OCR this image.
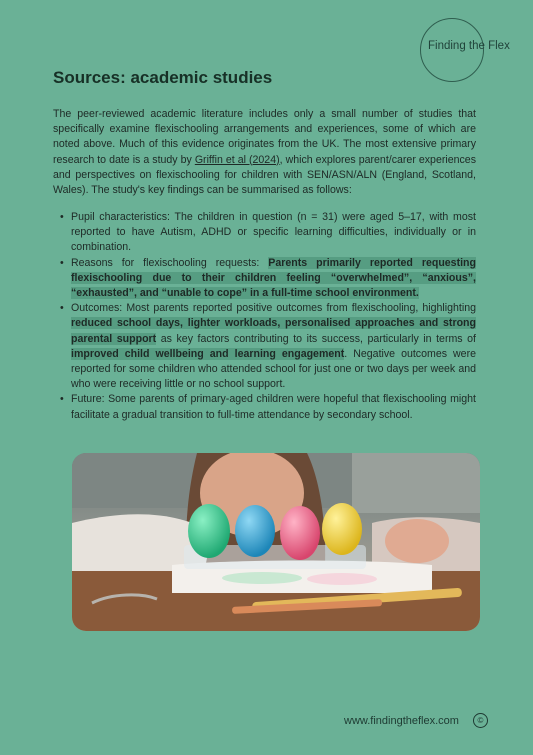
Finding the Flex
Sources: academic studies

The peer-reviewed academic literature includes only a small number of studies that specifically examine flexischooling arrangements and experiences, some of which are noted above. Much of this evidence originates from the UK. The most extensive primary research to date is a study by Griffin et al (2024), which explores parent/carer experiences and perspectives on flexischooling for children with SEN/ASN/ALN (England, Scotland, Wales). The study's key findings can be summarised as follows:

• Pupil characteristics: The children in question (n = 31) were aged 5–17, with most reported to have Autism, ADHD or specific learning difficulties, individually or in combination.
• Reasons for flexischooling requests: Parents primarily reported requesting flexischooling due to their children feeling “overwhelmed”, “anxious”, “exhausted”, and “unable to cope” in a full-time school environment.
• Outcomes: Most parents reported positive outcomes from flexischooling, highlighting reduced school days, lighter workloads, personalised approaches and strong parental support as key factors contributing to its success, particularly in terms of improved child wellbeing and learning engagement. Negative outcomes were reported for some children who attended school for just one or two days per week and who were receiving little or no school support.
• Future: Some parents of primary-aged children were hopeful that flexischooling might facilitate a gradual transition to full-time attendance by secondary school.
www.findingtheflex.com	©
